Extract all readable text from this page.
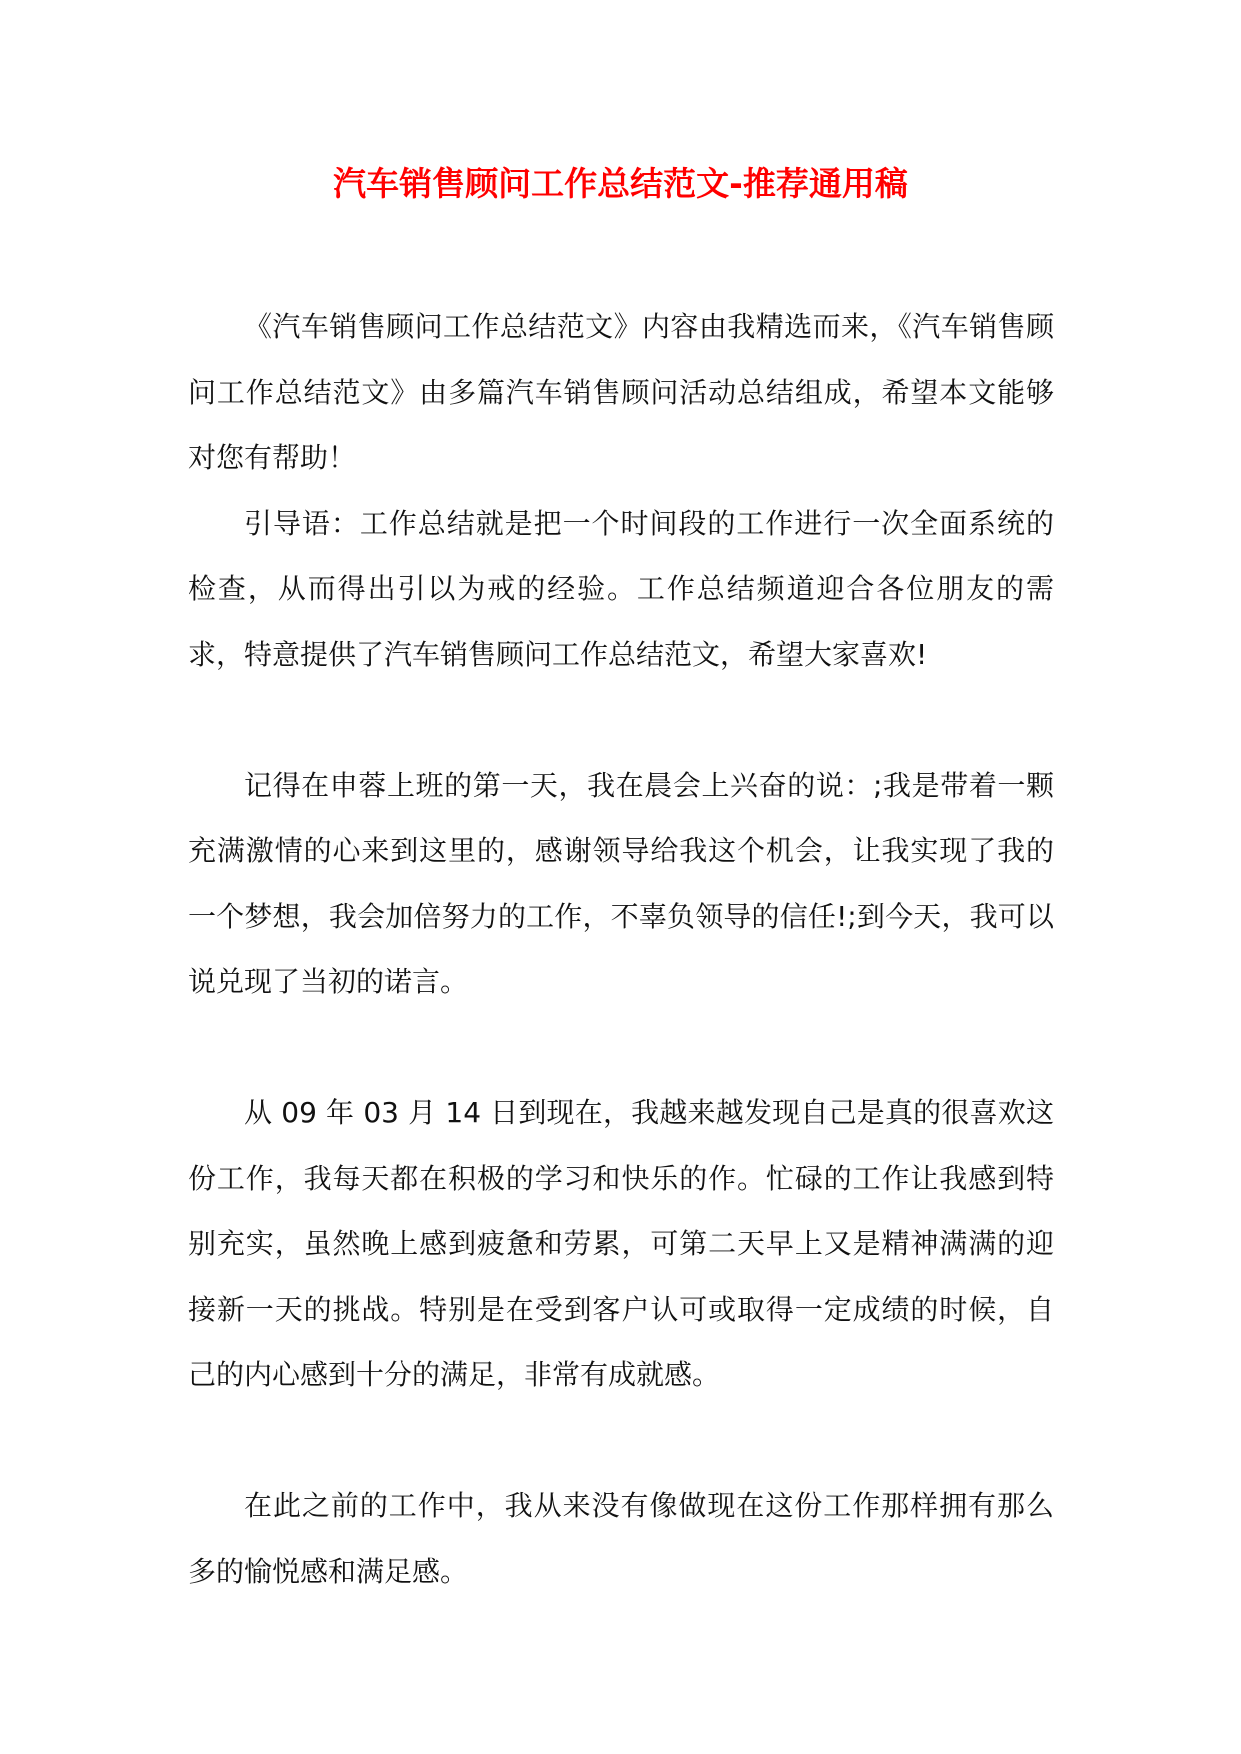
汽车销售顾问工作总结范文-推荐通用稿

《汽车销售顾问工作总结范文》内容由我精选而来，《汽车销售顾问工作总结范文》由多篇汽车销售顾问活动总结组成，希望本文能够对您有帮助！

引导语：工作总结就是把一个时间段的工作进行一次全面系统的检查，从而得出引以为戒的经验。工作总结频道迎合各位朋友的需求，特意提供了汽车销售顾问工作总结范文，希望大家喜欢!

记得在申蓉上班的第一天，我在晨会上兴奋的说：;我是带着一颗充满激情的心来到这里的，感谢领导给我这个机会，让我实现了我的一个梦想，我会加倍努力的工作，不辜负领导的信任!;到今天，我可以说兑现了当初的诺言。

从 09 年 03 月 14 日到现在，我越来越发现自己是真的很喜欢这份工作，我每天都在积极的学习和快乐的作。忙碌的工作让我感到特别充实，虽然晚上感到疲惫和劳累，可第二天早上又是精神满满的迎接新一天的挑战。特别是在受到客户认可或取得一定成绩的时候，自己的内心感到十分的满足，非常有成就感。

在此之前的工作中，我从来没有像做现在这份工作那样拥有那么多的愉悦感和满足感。
